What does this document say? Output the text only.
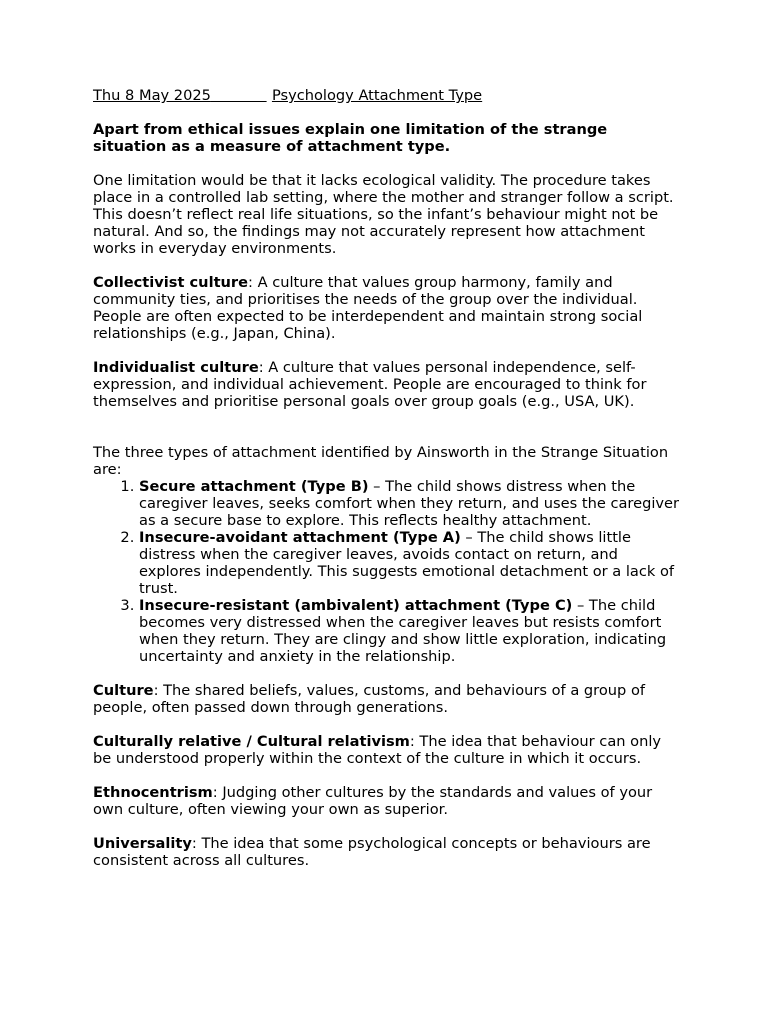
Thu 8 May 2025	Psychology Attachment Type

Apart from ethical issues explain one limitation of the strange situation as a measure of attachment type.

One limitation would be that it lacks ecological validity. The procedure takes place in a controlled lab setting, where the mother and stranger follow a script. This doesn’t reflect real life situations, so the infant’s behaviour might not be natural. And so, the findings may not accurately represent how attachment works in everyday environments.

Collectivist culture: A culture that values group harmony, family and community ties, and prioritises the needs of the group over the individual. People are often expected to be interdependent and maintain strong social relationships (e.g., Japan, China).

Individualist culture: A culture that values personal independence, self-expression, and individual achievement. People are encouraged to think for themselves and prioritise personal goals over group goals (e.g., USA, UK).

The three types of attachment identified by Ainsworth in the Strange Situation are:
1. Secure attachment (Type B) – The child shows distress when the caregiver leaves, seeks comfort when they return, and uses the caregiver as a secure base to explore. This reflects healthy attachment.
2. Insecure-avoidant attachment (Type A) – The child shows little distress when the caregiver leaves, avoids contact on return, and explores independently. This suggests emotional detachment or a lack of trust.
3. Insecure-resistant (ambivalent) attachment (Type C) – The child becomes very distressed when the caregiver leaves but resists comfort when they return. They are clingy and show little exploration, indicating uncertainty and anxiety in the relationship.

Culture: The shared beliefs, values, customs, and behaviours of a group of people, often passed down through generations.

Culturally relative / Cultural relativism: The idea that behaviour can only be understood properly within the context of the culture in which it occurs.

Ethnocentrism: Judging other cultures by the standards and values of your own culture, often viewing your own as superior.

Universality: The idea that some psychological concepts or behaviours are consistent across all cultures.
